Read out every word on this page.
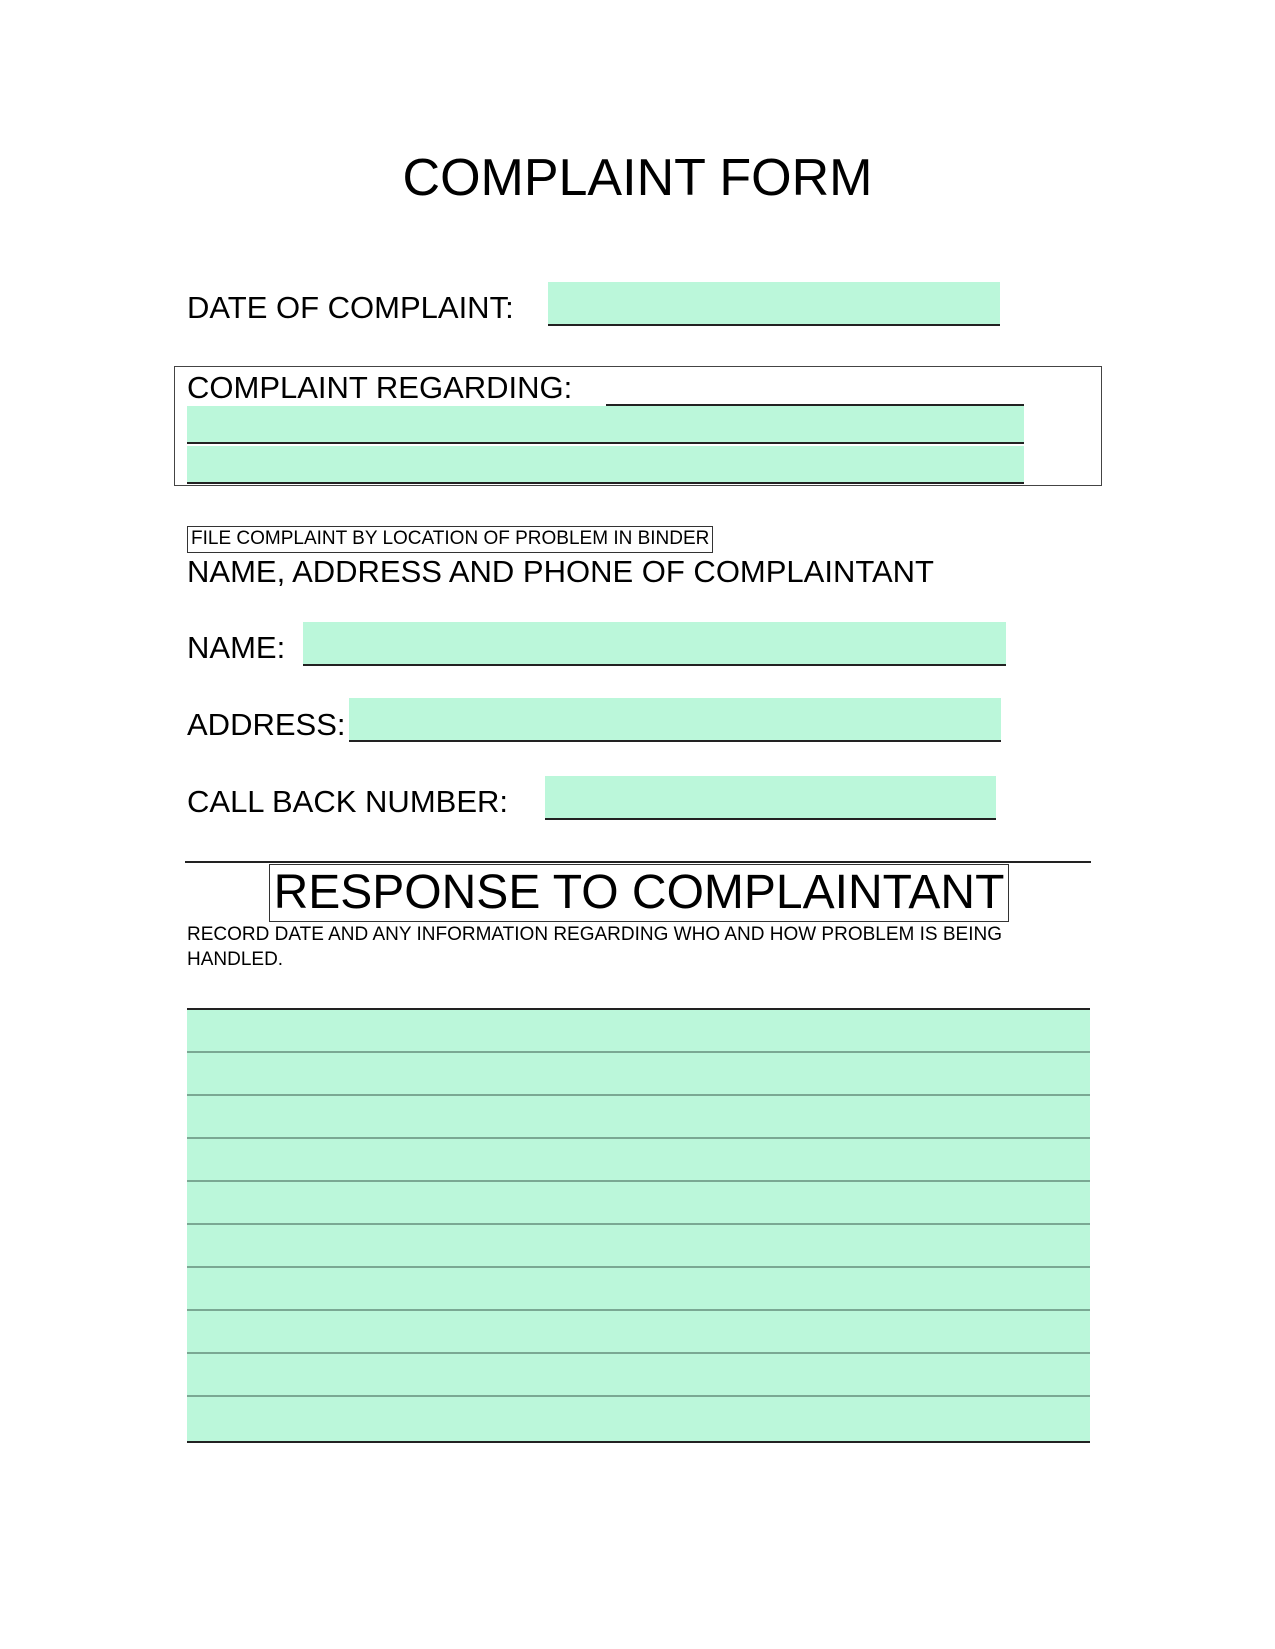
COMPLAINT FORM
DATE OF COMPLAINT:
COMPLAINT REGARDING:
FILE COMPLAINT BY LOCATION OF PROBLEM IN BINDER
NAME, ADDRESS AND PHONE OF COMPLAINTANT
NAME:
ADDRESS:
CALL BACK NUMBER:
RESPONSE TO COMPLAINTANT
RECORD DATE AND ANY INFORMATION REGARDING WHO AND HOW PROBLEM IS BEING HANDLED.
